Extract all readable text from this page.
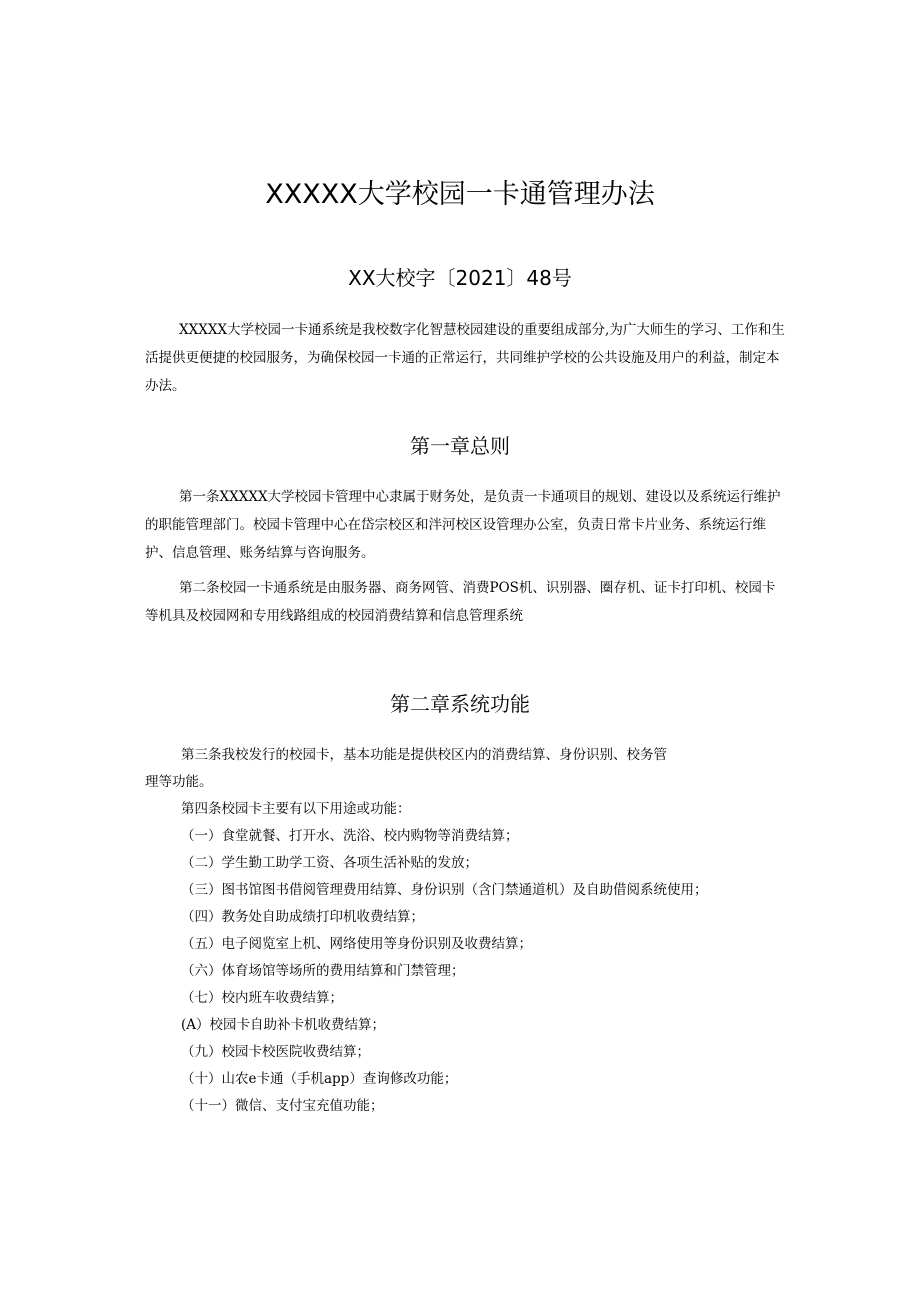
XXXXX大学校园一卡通管理办法
XX大校字〔2021〕48号

XXXXX大学校园一卡通系统是我校数字化智慧校园建设的重要组成部分,为广大师生的学习、工作和生活提供更便捷的校园服务，为确保校园一卡通的正常运行，共同维护学校的公共设施及用户的利益，制定本办法。

第一章总则

第一条XXXXX大学校园卡管理中心隶属于财务处，是负责一卡通项目的规划、建设以及系统运行维护的职能管理部门。校园卡管理中心在岱宗校区和泮河校区设管理办公室，负责日常卡片业务、系统运行维护、信息管理、账务结算与咨询服务。

第二条校园一卡通系统是由服务器、商务网管、消费POS机、识别器、圈存机、证卡打印机、校园卡等机具及校园网和专用线路组成的校园消费结算和信息管理系统

第二章系统功能
第三条我校发行的校园卡，基本功能是提供校区内的消费结算、身份识别、校务管
理等功能。
第四条校园卡主要有以下用途或功能：
（一）食堂就餐、打开水、洗浴、校内购物等消费结算；
（二）学生勤工助学工资、各项生活补贴的发放；
（三）图书馆图书借阅管理费用结算、身份识别（含门禁通道机）及自助借阅系统使用；
（四）教务处自助成绩打印机收费结算；
（五）电子阅览室上机、网络使用等身份识别及收费结算；
（六）体育场馆等场所的费用结算和门禁管理；
（七）校内班车收费结算；
(A）校园卡自助补卡机收费结算；
（九）校园卡校医院收费结算；
（十）山农e卡通（手机app）查询修改功能；
（十一）微信、支付宝充值功能；
